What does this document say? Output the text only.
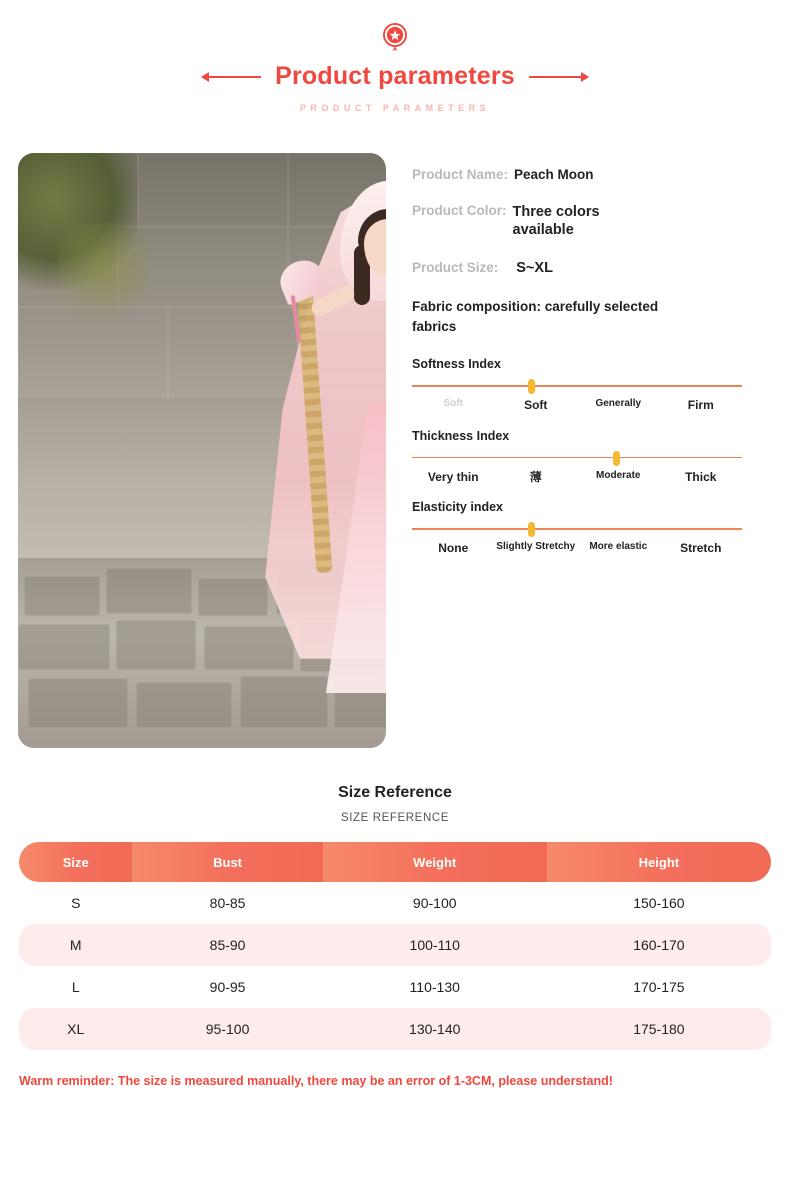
Product parameters
PRODUCT PARAMETERS
Product Name: Peach Moon
Product Color: Three colors available
Product Size: S~XL
Fabric composition: carefully selected fabrics
Softness Index
Soft	Soft	Generally	Firm
Thickness Index
Very thin	薄	Moderate	Thick
Elasticity index
None	Slightly Stretchy	More elastic	Stretch
Size Reference
SIZE REFERENCE
Size	Bust	Weight	Height
S	80-85	90-100	150-160
M	85-90	100-110	160-170
L	90-95	110-130	170-175
XL	95-100	130-140	175-180
Warm reminder: The size is measured manually, there may be an error of 1-3CM, please understand!
